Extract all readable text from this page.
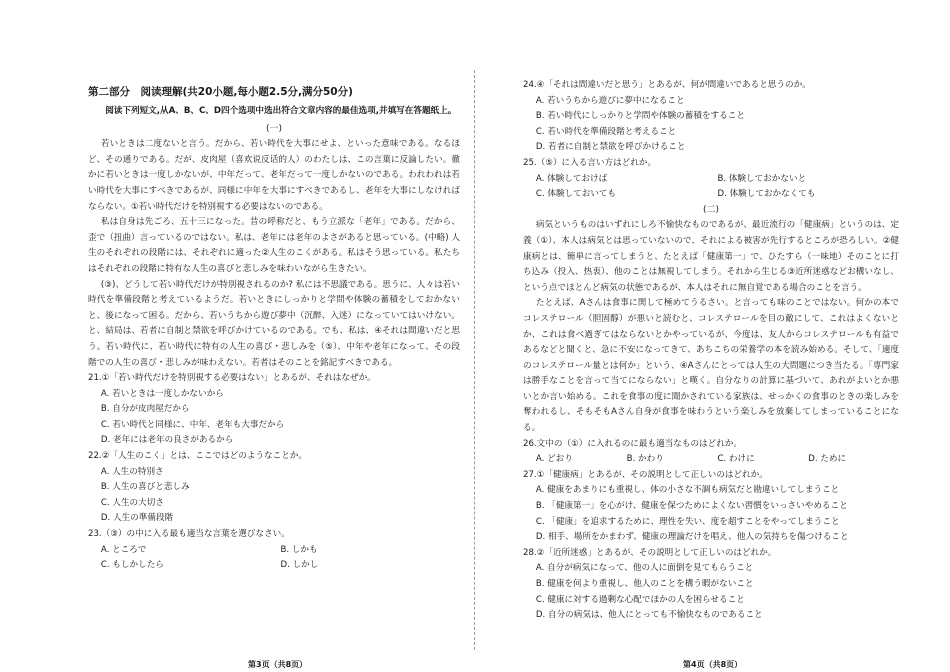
第二部分　阅读理解(共20小题,每小题2.5分,满分50分)
阅读下列短文,从A、B、C、D四个选项中选出符合文章内容的最佳选项,并填写在答题纸上。
(一)

若いときは二度ないと言う。だから、若い時代を大事にせよ、といった意味である。なるほど、その通りである。だが、皮肉屋（喜欢说反话的人）のわたしは、この言葉に反論したい。徹かに若いときは一度しかないが、中年だって、老年だって一度しかないのである。われわれは若い時代を大事にすべきであるが、同様に中年を大事にすべきであるし、老年を大事にしなければならない。①若い時代だけを特別視する必要はないのである。

私は自身は先ごろ、五十三になった。昔の呼称だと、もう立派な「老年」である。だから、歪で（扭曲）言っているのではない。私は、老年には老年のよさがあると思っている。(中略) 人生のそれぞれの段階には、それぞれに適った②人生のこくがある。私はそう思っている。私たちはそれぞれの段階に特有な人生の喜びと悲しみを味わいながら生きたい。

(③)、どうして若い時代だけが特別視されるのか? 私には不思議である。思うに、人々は若い時代を準備段階と考えているようだ。若いときにしっかりと学問や体験の蓄積をしておかないと、後になって困る。だから、若いうちから遊び夢中（沉醉、入迷）になっていてはいけない。と、結局は、若者に自制と禁欲を呼びかけているのである。でも、私は、④それは間違いだと思う。若い時代に、若い時代に特有の人生の喜び・悲しみを（⑤）、中年や老年になって、その段階での人生の喜び・悲しみが味わえない。若者はそのことを銘記すべきである。

21.①「若い時代だけを特別視する必要はない」とあるが、それはなぜか。
A. 若いときは一度しかないから
B. 自分が皮肉屋だから
C. 若い時代と同様に、中年、老年も大事だから
D. 老年には老年の良さがあるから
22.②「人生のこく」とは、ここではどのようなことか。
A. 人生の特別さ
B. 人生の喜びと悲しみ
C. 人生の大切さ
D. 人生の準備段階
23.（③）の中に入る最も適当な言葉を選びなさい。
A. ところで	B. しかも
C. もしかしたら	D. しかし
第3页（共8页）
24.④「それは間違いだと思う」とあるが、何が間違いであると思うのか。
A. 若いうちから遊びに夢中になること
B. 若い時代にしっかりと学問や体験の蓄積をすること
C. 若い時代を準備段階と考えること
D. 若者に自制と禁欲を呼びかけること
25.（⑤）に入る言い方はどれか。
A. 体験しておけば	B. 体験しておかないと
C. 体験しておいても	D. 体験しておかなくても
(二)

病気というものはいずれにしろ不愉快なものであるが、最近流行の「健康病」というのは、定義（①）、本人は病気とは思っていないので、それによる被害が先行するところが恐ろしい。②健康病とは、簡単に言ってしまうと、たとえば「健康第一」で、ひたすら（一味地）そのことに打ち込み（投入、热衷）、他のことは無視してしまう。それから生じる③近所迷惑などお構いなし、という点でほとんど病気の状態であるが、本人はそれに無自覚である場合のことを言う。

たとえば、Aさんは食事に関して極めてうるさい。と言っても味のことではない。何かの本でコレステロール（胆固醇）が悪いと読むと、コレステロールを目の敵にして、これはよくないとか、これは食べ過ぎてはならないとかやっているが、今度は、友人からコレステロールも有益であるなどと聞くと、急に不安になってきて、あちこちの栄養学の本を読み始める。そして、「適度のコレステロール量とは何か」という、④Aさんにとっては人生の大問題につき当たる。「専門家は勝手なことを言って当てにならない」と嘆く。自分なりの計算に基づいて、あれがよいとか悪いとか言い始める。これを食事の度に聞かされている家族は、せっかくの食事のときの楽しみを奪われるし、そもそもAさん自身が食事を味わうという楽しみを放棄してしまっていることになる。

26.文中の（①）に入れるのに最も適当なものはどれか。
A. どおり	B. かわり	C. わけに	D. ために
27.①「健康病」とあるが、その説明として正しいのはどれか。
A. 健康をあまりにも重視し、体の小さな不調も病気だと勘違いしてしまうこと
B. 「健康第一」を心がけ、健康を保つためによくない習慣をいっさいやめること
C. 「健康」を追求するために、理性を失い、度を超すことをやってしまうこと
D. 相手、場所をかまわず、健康の理論だけを唱え、他人の気持ちを傷つけること
28.②「近所迷惑」とあるが、その説明として正しいのはどれか。
A. 自分が病気になって、他の人に面倒を見てもらうこと
B. 健康を何より重視し、他人のことを構う暇がないこと
C. 健康に対する過剰な心配でほかの人を困らせること
D. 自分の病気は、他人にとっても不愉快なものであること
第4页（共8页）
